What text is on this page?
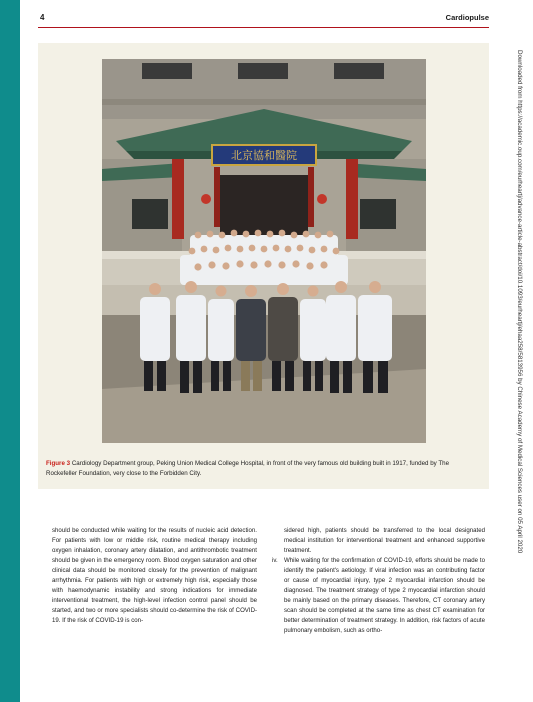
4	Cardiopulse
北京協和醫院
Figure 3 Cardiology Department group, Peking Union Medical College Hospital, in front of the very famous old building built in 1917, funded by The Rockefeller Foundation, very close to the Forbidden City.

should be conducted while waiting for the results of nucleic acid detection. For patients with low or middle risk, routine medical therapy including oxygen inhalation, coronary artery dilatation, and antithrombotic treatment should be given in the emergency room. Blood oxygen saturation and other clinical data should be monitored closely for the prevention of malignant arrhythmia. For patients with high or extremely high risk, especially those with haemodynamic instability and strong indications for immediate interventional treatment, the high-level infection control panel should be started, and two or more specialists should co-determine the risk of COVID-19. If the risk of COVID-19 is con-

sidered high, patients should be transferred to the local designated medical institution for interventional treatment and enhanced supportive treatment.

iv.	While waiting for the confirmation of COVID-19, efforts should be made to identify the patient's aetiology. If viral infection was an contributing factor or cause of myocardial injury, type 2 myocardial infarction should be diagnosed. The treatment strategy of type 2 myocardial infarction should be mainly based on the primary diseases. Therefore, CT coronary artery scan should be completed at the same time as chest CT examination for better determination of treatment strategy. In addition, risk factors of acute pulmonary embolism, such as ortho-
Downloaded from https://academic.oup.com/eurheartj/advance-article-abstract/doi/10.1093/eurheartj/ehaa258/5813956 by Chinese Academy of Medical Sciences user on 05 April 2020
